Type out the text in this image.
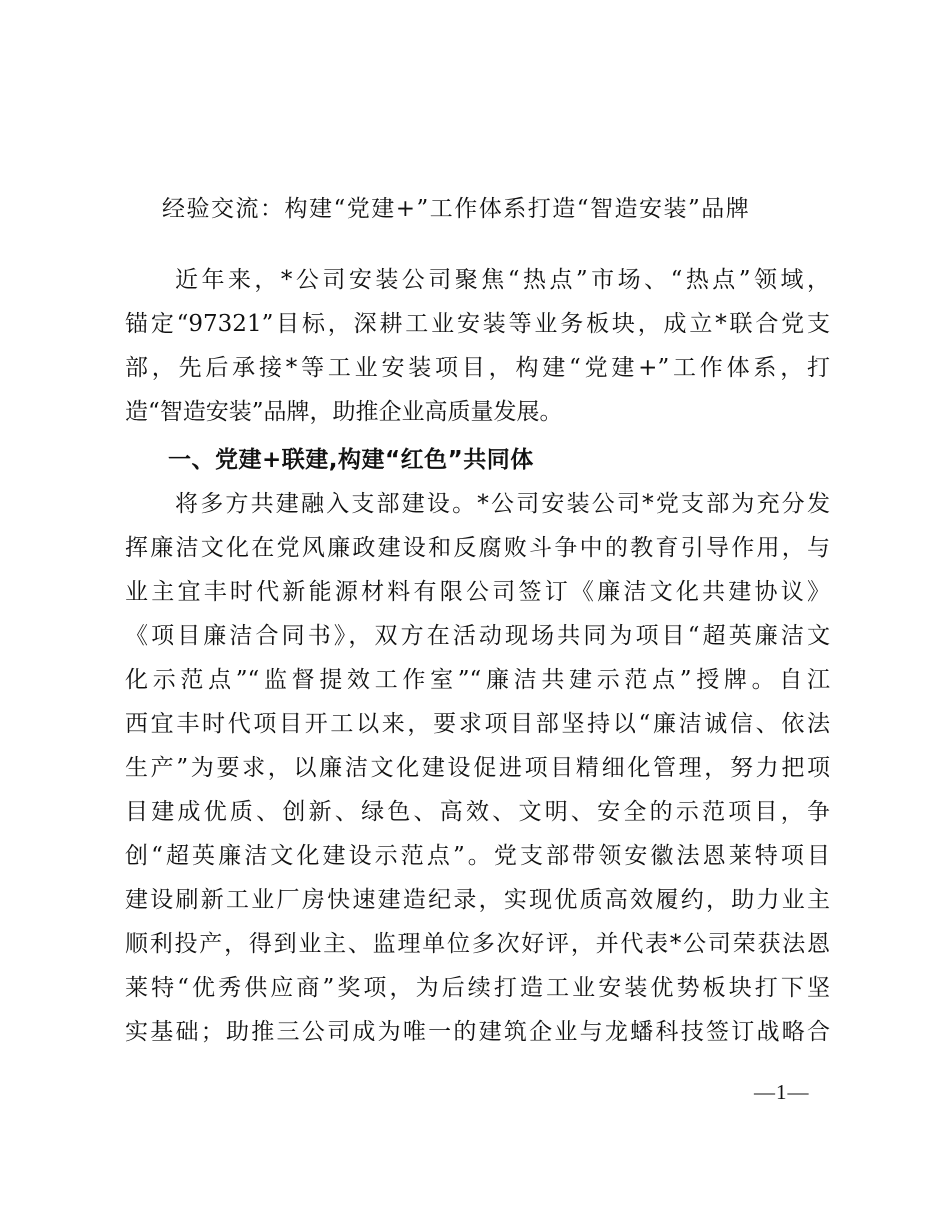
经验交流：构建“党建+”工作体系打造“智造安装”品牌
近年来，*公司安装公司聚焦“热点”市场、“热点”领域，
锚定“97321”目标，深耕工业安装等业务板块，成立*联合党支
部，先后承接*等工业安装项目，构建“党建+”工作体系，打
造“智造安装”品牌，助推企业高质量发展。
一、党建+联建,构建“红色”共同体
将多方共建融入支部建设。*公司安装公司*党支部为充分发
挥廉洁文化在党风廉政建设和反腐败斗争中的教育引导作用，与
业主宜丰时代新能源材料有限公司签订《廉洁文化共建协议》
《项目廉洁合同书》，双方在活动现场共同为项目“超英廉洁文
化示范点”“监督提效工作室”“廉洁共建示范点”授牌。自江
西宜丰时代项目开工以来，要求项目部坚持以“廉洁诚信、依法
生产”为要求，以廉洁文化建设促进项目精细化管理，努力把项
目建成优质、创新、绿色、高效、文明、安全的示范项目，争
创“超英廉洁文化建设示范点”。党支部带领安徽法恩莱特项目
建设刷新工业厂房快速建造纪录，实现优质高效履约，助力业主
顺利投产，得到业主、监理单位多次好评，并代表*公司荣获法恩
莱特“优秀供应商”奖项，为后续打造工业安装优势板块打下坚
实基础；助推三公司成为唯一的建筑企业与龙蟠科技签订战略合
—1—
